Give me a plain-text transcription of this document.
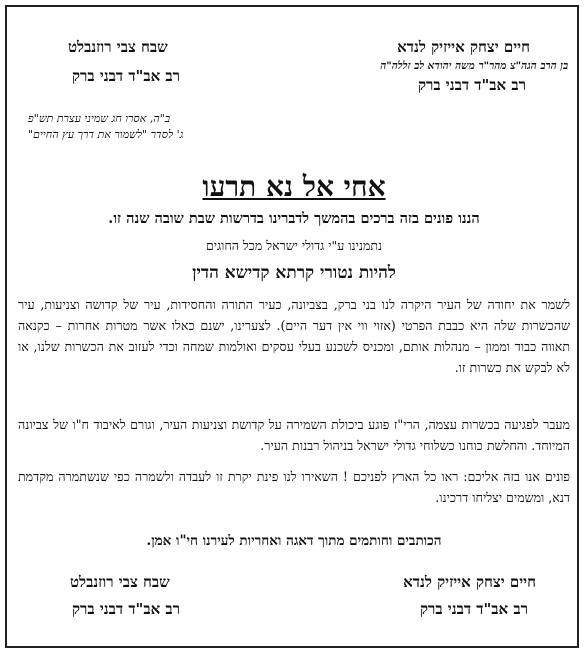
חיים יצחק אייזיק לנדא
בן הרב הגה"צ מהר"ר משה יהודא לב זללה"ה
רב אב"ד דבני ברק
שבח צבי רוזנבלט
רב אב"ד דבני ברק
ב"ה, אסרו חג שמיני עצרת תש"פ
ג' לסדר "לשמור את דרך עץ החיים"
אחי אל נא תרעו
הננו פונים בזה ברכים בהמשך לדברינו בדרשות שבת שובה שנה זו.
נתמנינו ע"י גדולי ישראל מכל החוגים
להיות נטורי קרתא קדישא הדין
לשמר את יחודה של העיר היקרה לנו בני ברק, בצביונה, כעיר התורה והחסידות, עיר של קדושה וצניעות, עיר שהכשרות שלה היא כבבת הפרטי (אזוי ווי אין דער היים). לצערינו, ישנם כאלו אשר מטרות אחרות – כקנאה תאווה כבוד וממון – מנהלות אותם, ומכניס לשכנע בעלי עסקים ואולמות שמחה וכדי לעזוב את הכשרות שלנו, או לא לבקש את כשרות זו.
מעבר לפגיעה בכשרות עצמה, הרי"ז פוגע ביכולת השמירה על קדושת וצניעות העיר, וגורם לאיבוד ח"ו של צביונה המיוחד. והחלשת כוחנו כשלוחי גדולי ישראל בניהול רבנות העיר.
פונים אנו בזה אליכם: ראו כל הארץ לפניכם ! השאירו לנו פינת יקרת זו לעבדה ולשמרה כפי שנשתמרה מקדמת דנא, ומשמים יצליחו דרכינו.
הכותבים וחותמים מתוך דאגה ואחריות לעירנו חי"ו אמן.
חיים יצחק אייזיק לנדא
רב אב"ד דבני ברק
שבח צבי רוזנבלט
רב אב"ד דבני ברק
